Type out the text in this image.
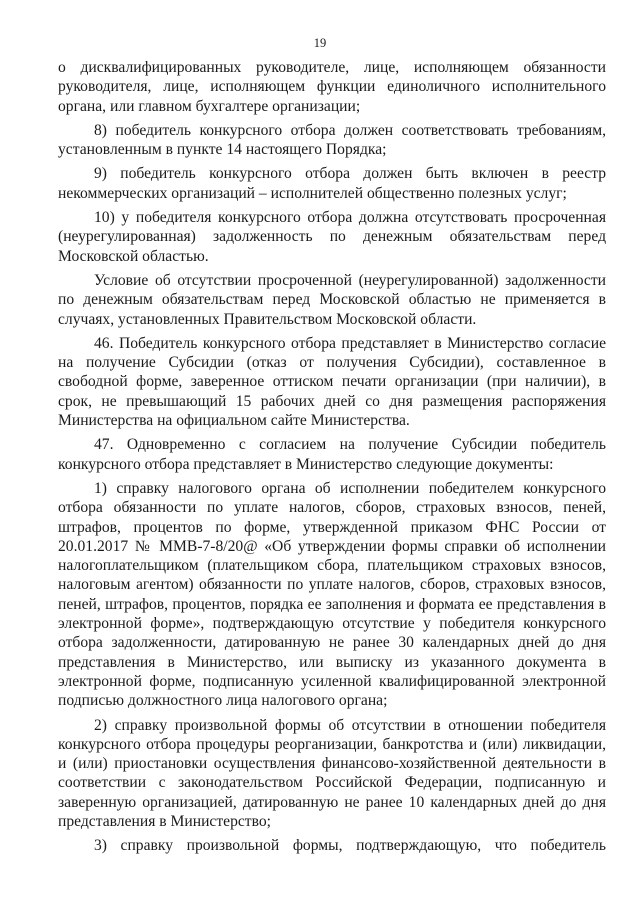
19

о дисквалифицированных руководителе, лице, исполняющем обязанности руководителя, лице, исполняющем функции единоличного исполнительного органа, или главном бухгалтере организации;

8) победитель конкурсного отбора должен соответствовать требованиям, установленным в пункте 14 настоящего Порядка;

9) победитель конкурсного отбора должен быть включен в реестр некоммерческих организаций – исполнителей общественно полезных услуг;

10) у победителя конкурсного отбора должна отсутствовать просроченная (неурегулированная) задолженность по денежным обязательствам перед Московской областью.

Условие об отсутствии просроченной (неурегулированной) задолженности по денежным обязательствам перед Московской областью не применяется в случаях, установленных Правительством Московской области.

46. Победитель конкурсного отбора представляет в Министерство согласие на получение Субсидии (отказ от получения Субсидии), составленное в свободной форме, заверенное оттиском печати организации (при наличии), в срок, не превышающий 15 рабочих дней со дня размещения распоряжения Министерства на официальном сайте Министерства.

47. Одновременно с согласием на получение Субсидии победитель конкурсного отбора представляет в Министерство следующие документы:

1) справку налогового органа об исполнении победителем конкурсного отбора обязанности по уплате налогов, сборов, страховых взносов, пеней, штрафов, процентов по форме, утвержденной приказом ФНС России от 20.01.2017 № ММВ-7-8/20@ «Об утверждении формы справки об исполнении налогоплательщиком (плательщиком сбора, плательщиком страховых взносов, налоговым агентом) обязанности по уплате налогов, сборов, страховых взносов, пеней, штрафов, процентов, порядка ее заполнения и формата ее представления в электронной форме», подтверждающую отсутствие у победителя конкурсного отбора задолженности, датированную не ранее 30 календарных дней до дня представления в Министерство, или выписку из указанного документа в электронной форме, подписанную усиленной квалифицированной электронной подписью должностного лица налогового органа;

2) справку произвольной формы об отсутствии в отношении победителя конкурсного отбора процедуры реорганизации, банкротства и (или) ликвидации, и (или) приостановки осуществления финансово-хозяйственной деятельности в соответствии с законодательством Российской Федерации, подписанную и заверенную организацией, датированную не ранее 10 календарных дней до дня представления в Министерство;

3) справку произвольной формы, подтверждающую, что победитель
